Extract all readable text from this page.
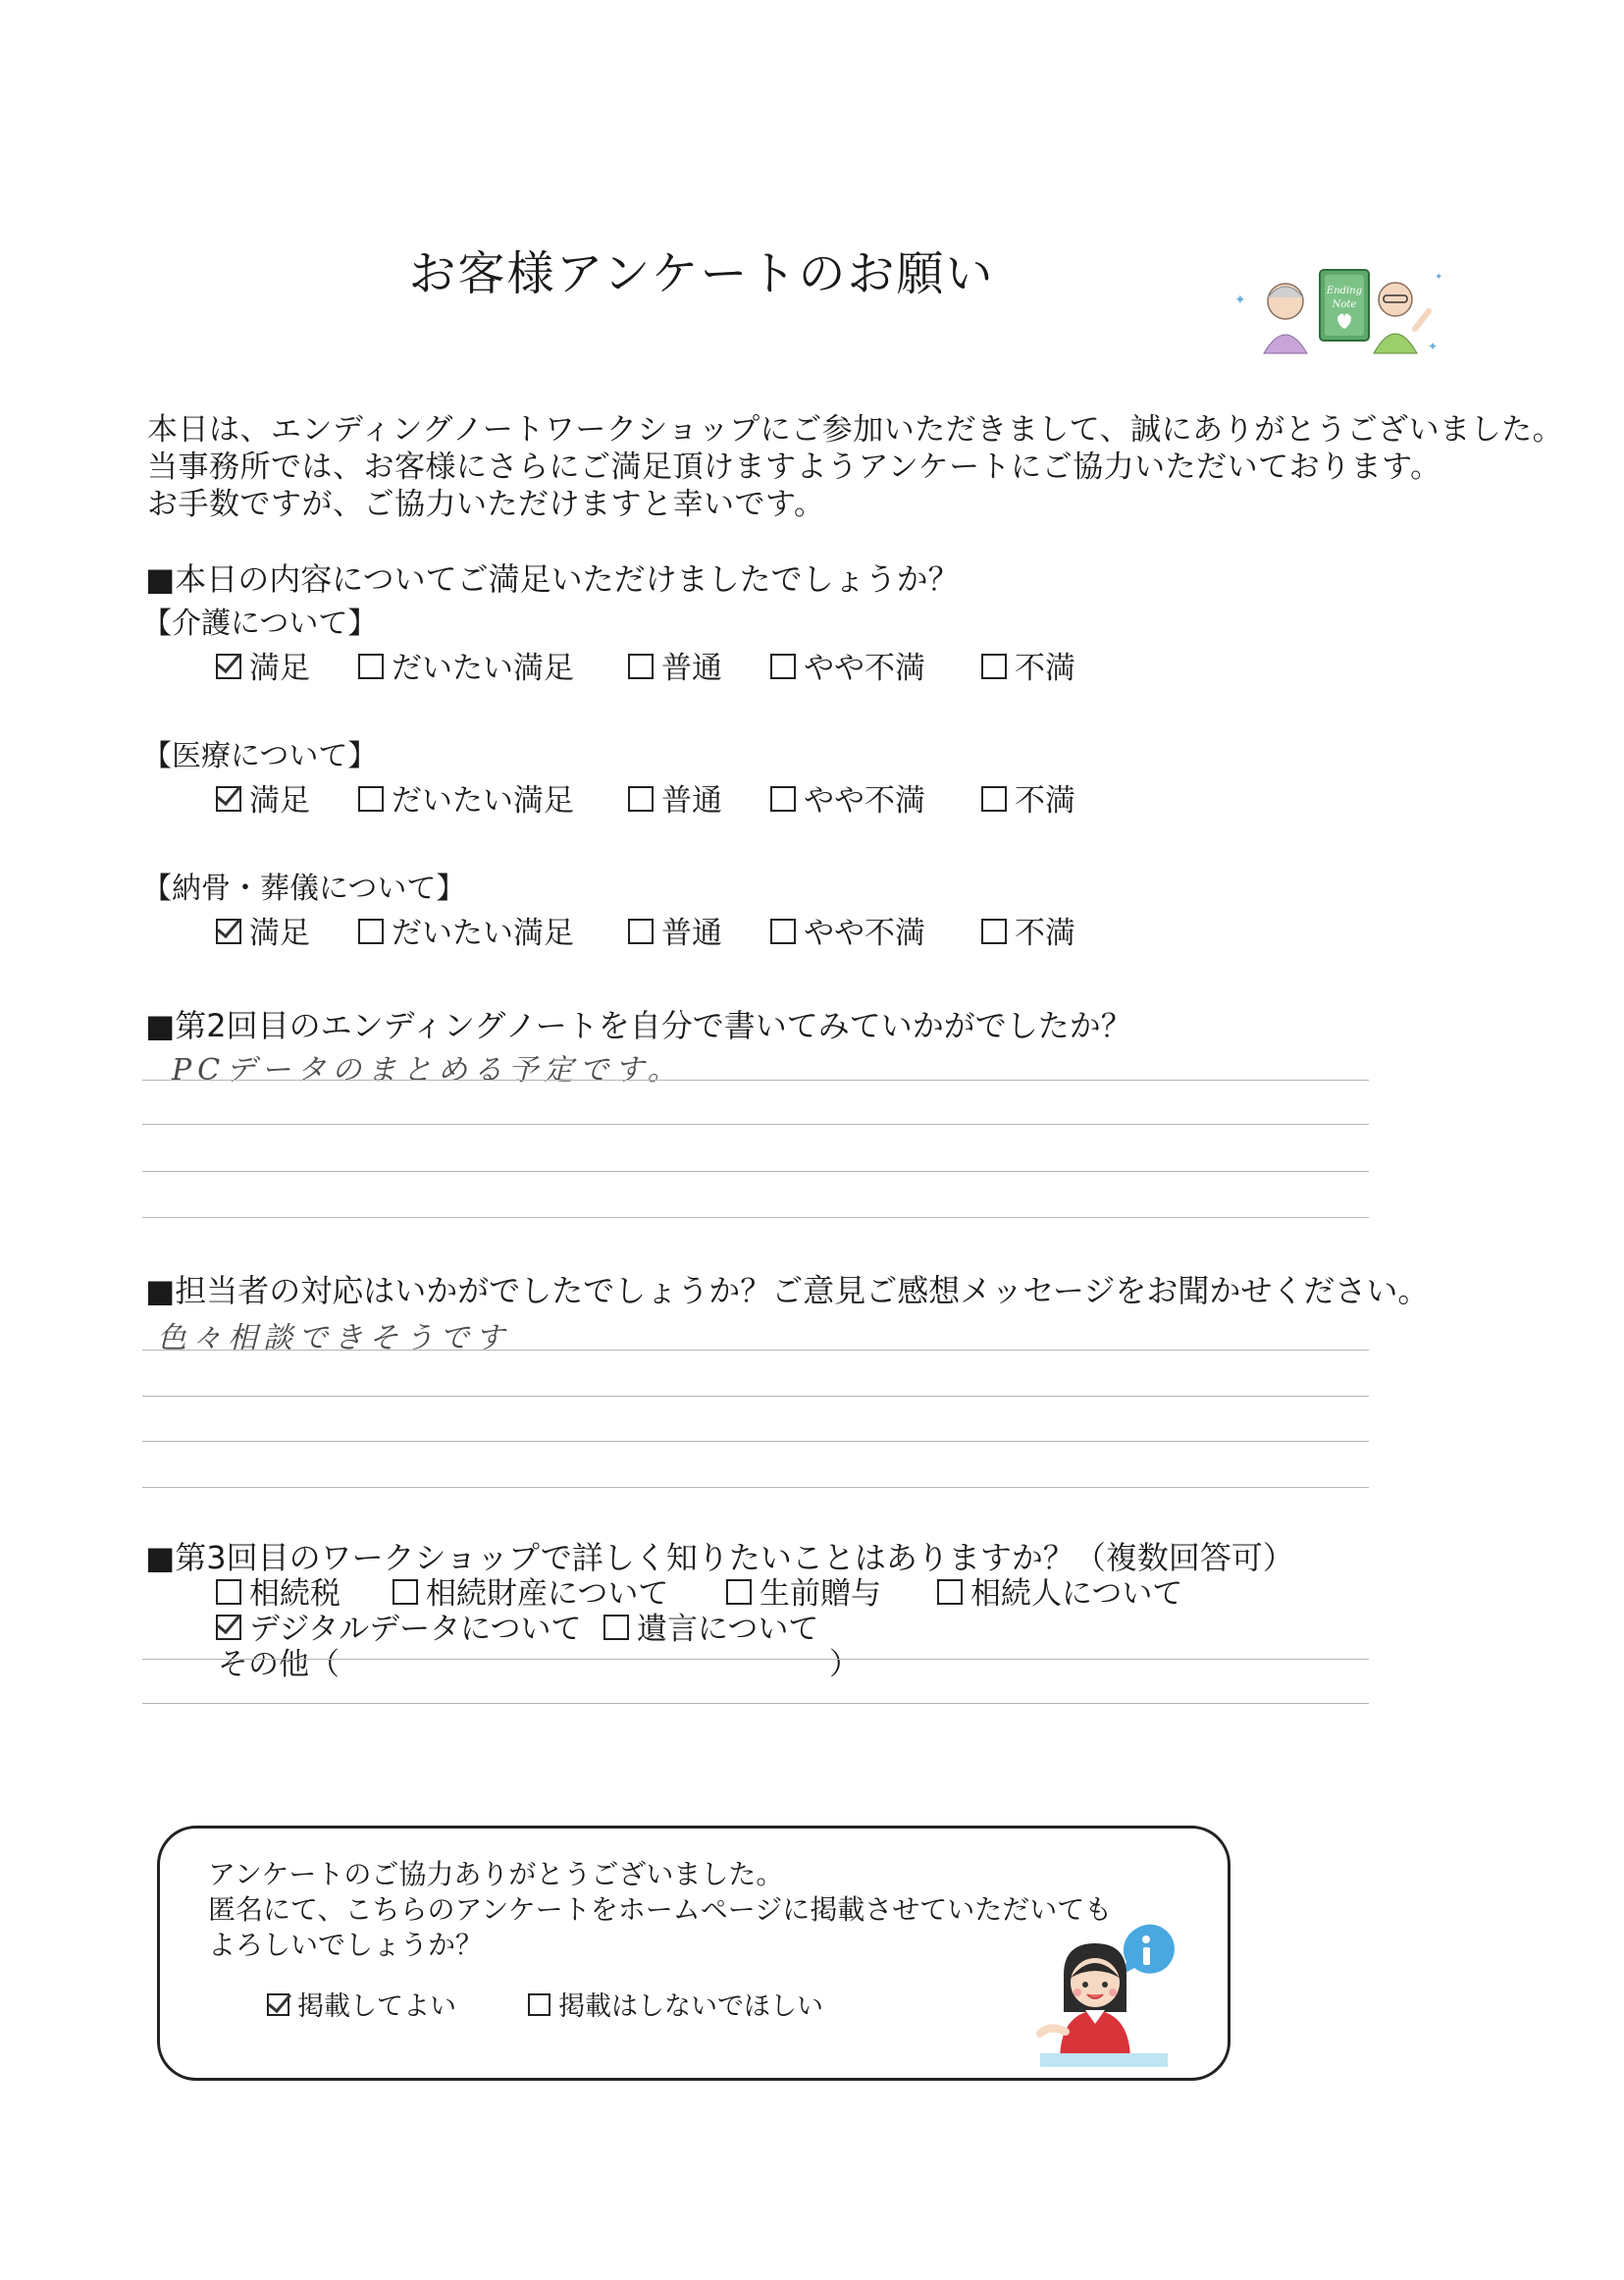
お客様アンケートのお願い	✦
✦
✦
Ending
Note
本日は、エンディングノートワークショップにご参加いただきまして、誠にありがとうございました。
当事務所では、お客様にさらにご満足頂けますようアンケートにご協力いただいております。
お手数ですが、ご協力いただけますと幸いです。
■本日の内容についてご満足いただけましたでしょうか？
【介護について】
満足	だいたい満足	普通	やや不満	不満
【医療について】
満足	だいたい満足	普通	やや不満	不満
【納骨・葬儀について】
満足	だいたい満足	普通	やや不満	不満
■第2回目のエンディングノートを自分で書いてみていかがでしたか？
PCデータのまとめる予定です。
■担当者の対応はいかがでしたでしょうか？ご意見ご感想メッセージをお聞かせください。
色々相談できそうです
■第3回目のワークショップで詳しく知りたいことはありますか？（複数回答可）
相続税	相続財産について	生前贈与	相続人について
デジタルデータについて 遺言について
その他（	）
アンケートのご協力ありがとうございました。
匿名にて、こちらのアンケートをホームページに掲載させていただいても
よろしいでしょうか？
掲載してよい	掲載はしないでほしい
